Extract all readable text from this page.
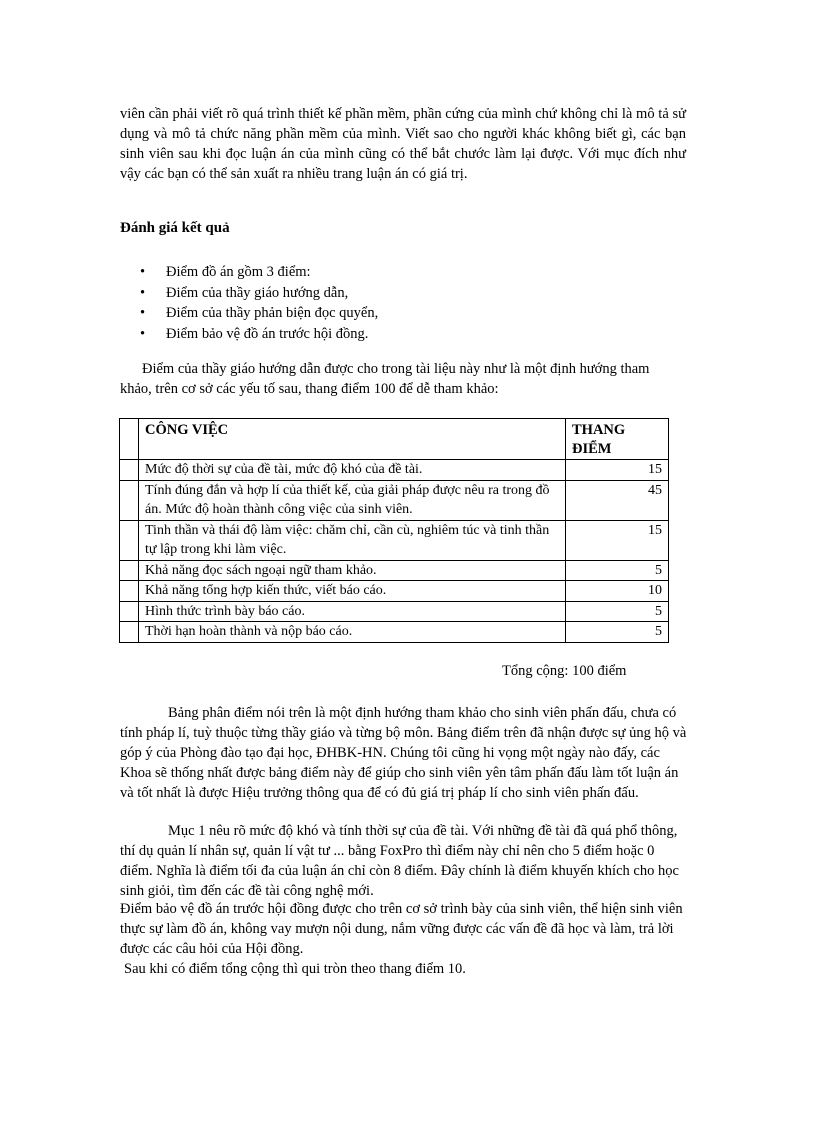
viên cần phải viết rõ quá trình thiết kế phần mềm, phần cứng của mình chứ không chỉ là mô tả sử dụng và mô tả chức năng phần mềm của mình. Viết sao cho người khác không biết gì, các bạn sinh viên sau khi đọc luận án của mình cũng có thể bắt chước làm lại được. Với mục đích như vậy các bạn có thể sản xuất ra nhiều trang luận án có giá trị.

Đánh giá kết quả
• Điểm đồ án gồm 3 điểm:
• Điểm của thầy giáo hướng dẫn,
• Điểm của thầy phản biện đọc quyển,
• Điểm bảo vệ đồ án trước hội đồng.

Điểm của thầy giáo hướng dẫn được cho trong tài liệu này như là một định hướng tham khảo, trên cơ sở các yếu tố sau, thang điểm 100 để dễ tham khảo:

	CÔNG VIỆC	THANG ĐIỂM
	Mức độ thời sự của đề tài, mức độ khó của đề tài.	15
	Tính đúng đắn và hợp lí của thiết kế, của giải pháp được nêu ra trong đồ án. Mức độ hoàn thành công việc của sinh viên.	45
	Tinh thần và thái độ làm việc: chăm chỉ, cần cù, nghiêm túc và tinh thần tự lập trong khi làm việc.	15
	Khả năng đọc sách ngoại ngữ tham khảo.	5
	Khả năng tổng hợp kiến thức, viết báo cáo.	10
	Hình thức trình bày báo cáo.	5
	Thời hạn hoàn thành và nộp báo cáo.	5

Tổng cộng: 100 điểm

Bảng phân điểm nói trên là một định hướng tham khảo cho sinh viên phấn đấu, chưa có tính pháp lí, tuỳ thuộc từng thầy giáo và từng bộ môn. Bảng điểm trên đã nhận được sự ủng hộ và góp ý của Phòng đào tạo đại học, ĐHBK-HN. Chúng tôi cũng hi vọng một ngày nào đấy, các Khoa sẽ thống nhất được bảng điểm này để giúp cho sinh viên yên tâm phấn đấu làm tốt luận án và tốt nhất là được Hiệu trưởng thông qua để có đủ giá trị pháp lí cho sinh viên phấn đấu.

Mục 1 nêu rõ mức độ khó và tính thời sự của đề tài. Với những đề tài đã quá phổ thông, thí dụ quản lí nhân sự, quản lí vật tư ... bằng FoxPro thì điểm này chỉ nên cho 5 điểm hoặc 0 điểm. Nghĩa là điểm tối đa của luận án chỉ còn 8 điểm. Đây chính là điểm khuyến khích cho học sinh giỏi, tìm đến các đề tài công nghệ mới.

Điểm bảo vệ đồ án trước hội đồng được cho trên cơ sở trình bày của sinh viên, thể hiện sinh viên thực sự làm đồ án, không vay mượn nội dung, nắm vững được các vấn đề đã học và làm, trả lời được các câu hỏi của Hội đồng.

Sau khi có điểm tổng cộng thì qui tròn theo thang điểm 10.
